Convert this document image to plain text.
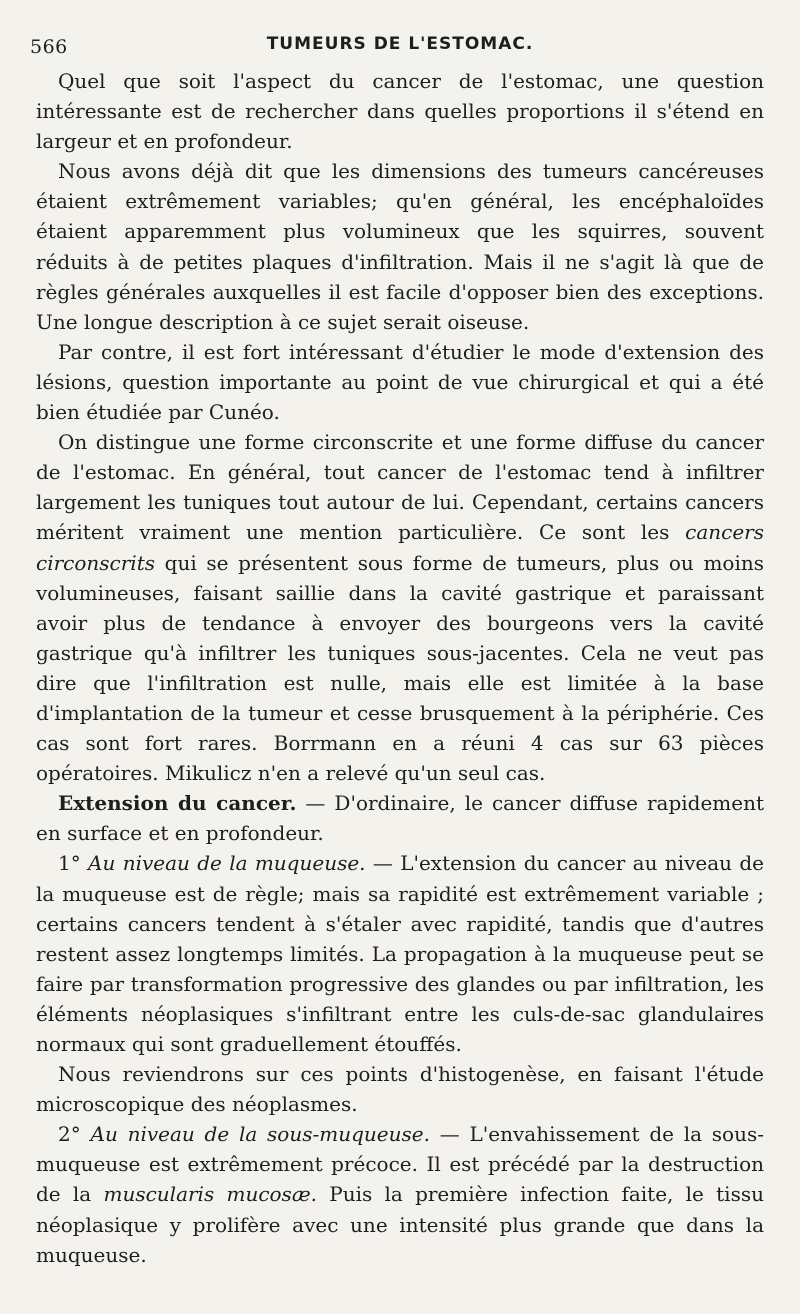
566	TUMEURS DE L'ESTOMAC.

Quel que soit l'aspect du cancer de l'estomac, une question intéressante est de rechercher dans quelles proportions il s'étend en largeur et en profondeur.

Nous avons déjà dit que les dimensions des tumeurs cancéreuses étaient extrêmement variables; qu'en général, les encéphaloïdes étaient apparemment plus volumineux que les squirres, souvent réduits à de petites plaques d'infiltration. Mais il ne s'agit là que de règles générales auxquelles il est facile d'opposer bien des exceptions. Une longue description à ce sujet serait oiseuse.

Par contre, il est fort intéressant d'étudier le mode d'extension des lésions, question importante au point de vue chirurgical et qui a été bien étudiée par Cunéo.

On distingue une forme circonscrite et une forme diffuse du cancer de l'estomac. En général, tout cancer de l'estomac tend à infiltrer largement les tuniques tout autour de lui. Cependant, certains cancers méritent vraiment une mention particulière. Ce sont les cancers circonscrits qui se présentent sous forme de tumeurs, plus ou moins volumineuses, faisant saillie dans la cavité gastrique et paraissant avoir plus de tendance à envoyer des bourgeons vers la cavité gastrique qu'à infiltrer les tuniques sous-jacentes. Cela ne veut pas dire que l'infiltration est nulle, mais elle est limitée à la base d'implantation de la tumeur et cesse brusquement à la périphérie. Ces cas sont fort rares. Borrmann en a réuni 4 cas sur 63 pièces opératoires. Mikulicz n'en a relevé qu'un seul cas.

Extension du cancer. — D'ordinaire, le cancer diffuse rapidement en surface et en profondeur.

1° Au niveau de la muqueuse. — L'extension du cancer au niveau de la muqueuse est de règle; mais sa rapidité est extrêmement variable ; certains cancers tendent à s'étaler avec rapidité, tandis que d'autres restent assez longtemps limités. La propagation à la muqueuse peut se faire par transformation progressive des glandes ou par infiltration, les éléments néoplasiques s'infiltrant entre les culs-de-sac glandulaires normaux qui sont graduellement étouffés.

Nous reviendrons sur ces points d'histogenèse, en faisant l'étude microscopique des néoplasmes.

2° Au niveau de la sous-muqueuse. — L'envahissement de la sous-muqueuse est extrêmement précoce. Il est précédé par la destruction de la muscularis mucosæ. Puis la première infection faite, le tissu néoplasique y prolifère avec une intensité plus grande que dans la muqueuse.
